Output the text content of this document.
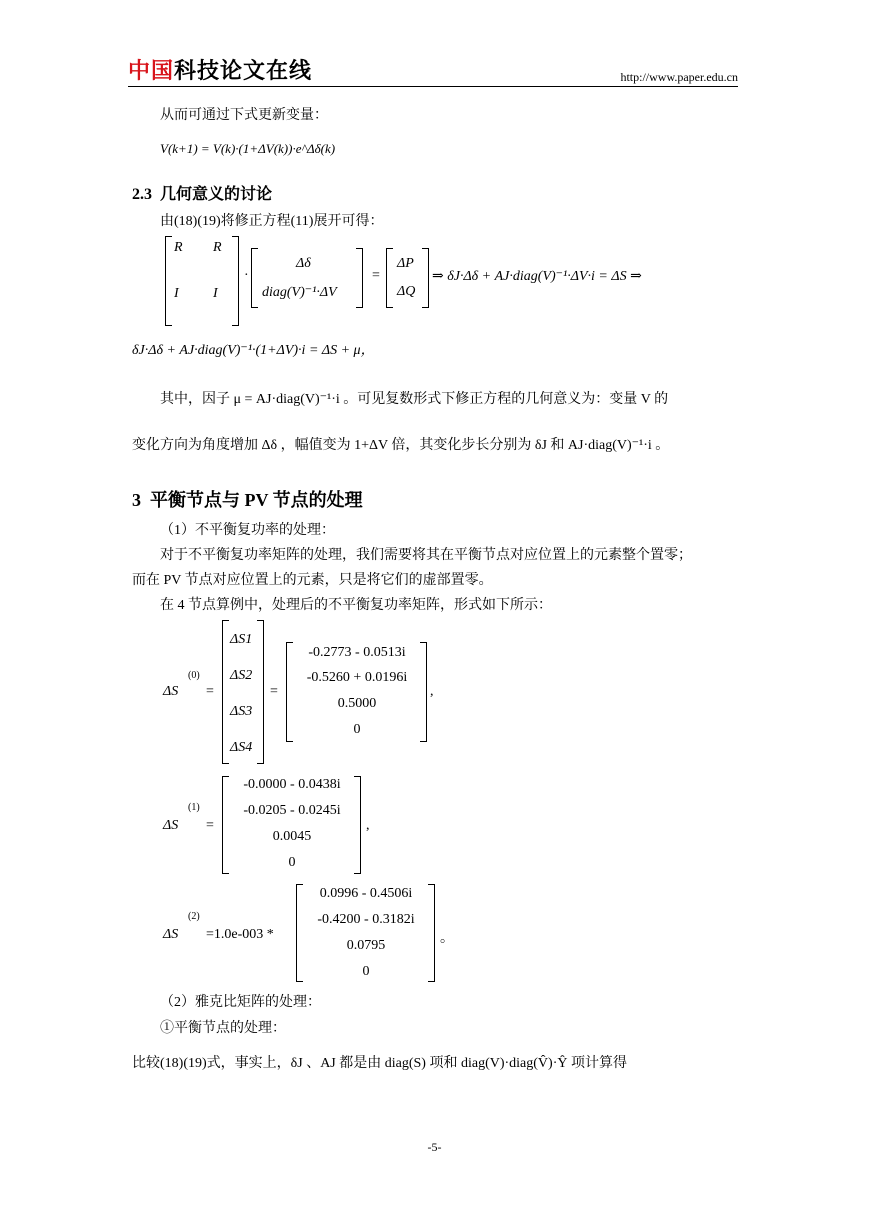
中国科技论文在线	http://www.paper.edu.cn
从而可通过下式更新变量：
V(k+1) = V(k)·(1+ΔV(k))·e^Δδ(k)
2.3 几何意义的讨论
由(18)(19)将修正方程(11)展开可得：
R R
I I
·
Δδ
diag(V)⁻¹·ΔV
=
ΔP
ΔQ
⇒ δJ·Δδ + AJ·diag(V)⁻¹·ΔV·i = ΔS ⇒
δJ·Δδ + AJ·diag(V)⁻¹·(1+ΔV)·i = ΔS + μ，
其中，因子 μ = AJ·diag(V)⁻¹·i 。可见复数形式下修正方程的几何意义为：变量 V 的
变化方向为角度增加 Δδ ，幅值变为 1+ΔV 倍，其变化步长分别为 δJ 和 AJ·diag(V)⁻¹·i 。
3 平衡节点与 PV 节点的处理
（1）不平衡复功率的处理：
对于不平衡复功率矩阵的处理，我们需要将其在平衡节点对应位置上的元素整个置零；
而在 PV 节点对应位置上的元素，只是将它们的虚部置零。
在 4 节点算例中，处理后的不平衡复功率矩阵，形式如下所示：
ΔS
(0)
=
ΔS1
ΔS2
ΔS3
ΔS4
=
-0.2773 - 0.0513i
-0.5260 + 0.0196i
0.5000
0
,
ΔS
(1)
=
-0.0000 - 0.0438i
-0.0205 - 0.0245i
0.0045
0
,
ΔS
(2)
=1.0e-003 *
0.0996 - 0.4506i
-0.4200 - 0.3182i
0.0795
0
。
（2）雅克比矩阵的处理：
①平衡节点的处理：
比较(18)(19)式，事实上，δJ 、AJ 都是由 diag(S) 项和 diag(V)·diag(V̂)·Ŷ 项计算得
-5-
